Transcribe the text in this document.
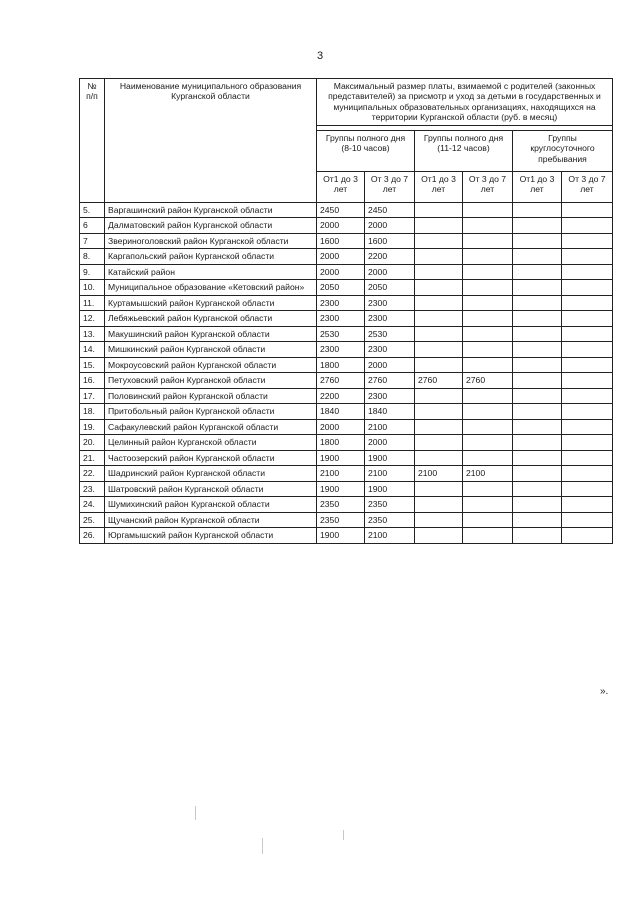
3
№ п/п	Наименование муниципального образования Курганской области	Максимальный размер платы, взимаемой с родителей (законных представителей) за присмотр и уход за детьми в государственных и муниципальных образовательных организациях, находящихся на территории Курганской области (руб. в месяц)					

		Группы полного дня (8-10 часов)		Группы полного дня (11-12 часов)		Группы круглосуточного пребывания	
		От1 до 3 лет	От 3 до 7 лет	От1 до 3 лет	От 3 до 7 лет	От1 до 3 лет	От 3 до 7 лет
5.	Варгашинский район Курганской области	2450	2450				
6	Далматовский район Курганской области	2000	2000				
7	Звериноголовский район Курганской области	1600	1600				
8.	Каргапольский район Курганской области	2000	2200				
9.	Катайский район	2000	2000				
10.	Муниципальное образование «Кетовский район»	2050	2050				
11.	Куртамышский район Курганской области	2300	2300				
12.	Лебяжьевский район Курганской области	2300	2300				
13.	Макушинский район Курганской области	2530	2530				
14.	Мишкинский район Курганской области	2300	2300				
15.	Мокроусовский район Курганской области	1800	2000				
16.	Петуховский район Курганской области	2760	2760	2760	2760		
17.	Половинский район Курганской области	2200	2300				
18.	Притобольный район Курганской области	1840	1840				
19.	Сафакулевский район Курганской области	2000	2100				
20.	Целинный район Курганской области	1800	2000				
21.	Частоозерский район Курганской области	1900	1900				
22.	Шадринский район Курганской области	2100	2100	2100	2100		
23.	Шатровский район Курганской области	1900	1900				
24.	Шумихинский район Курганской области	2350	2350				
25.	Щучанский район Курганской области	2350	2350				
26.	Юргамышский район Курганской области	1900	2100				
».
